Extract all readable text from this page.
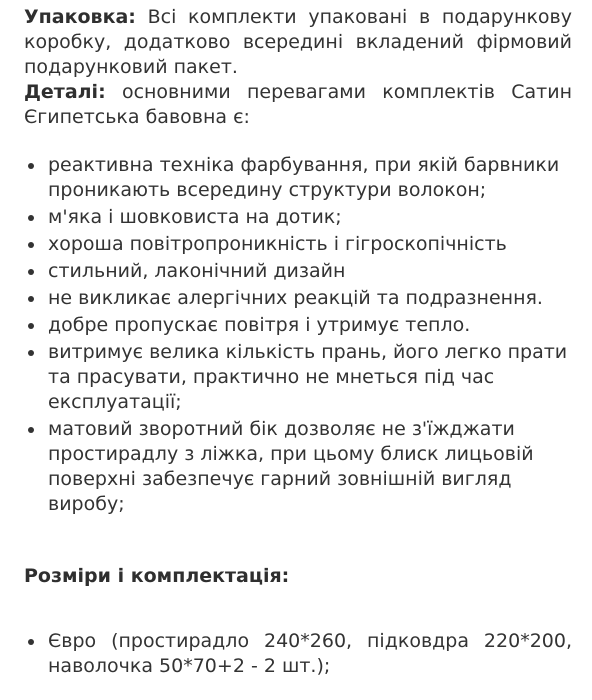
Упаковка: Всі комплекти упаковані в подарункову коробку, додатково всередині вкладений фірмовий подарунковий пакет.

Деталі: основними перевагами комплектів Сатин Єгипетська бавовна є:

реактивна техніка фарбування, при якій барвники проникають всередину структури волокон;
м'яка і шовковиста на дотик;
хороша повітропроникність і гігроскопічність
стильний, лаконічний дизайн
не викликає алергічних реакцій та подразнення.
добре пропускає повітря і утримує тепло.
витримує велика кількість прань, його легко прати та прасувати, практично не мнеться під час експлуатації;
матовий зворотний бік дозволяє не з'їжджати простирадлу з ліжка, при цьому блиск лицьовій поверхні забезпечує гарний зовнішній вигляд виробу;
Розміри і комплектація:
Євро (простирадло 240*260, підковдра 220*200, наволочка 50*70+2 - 2 шт.);
